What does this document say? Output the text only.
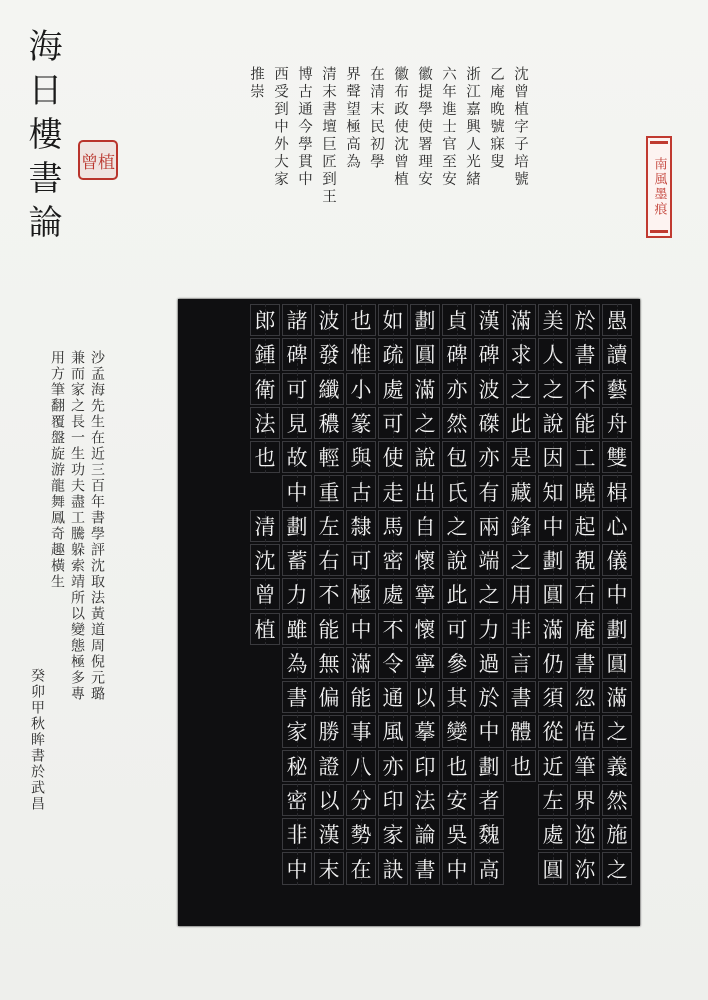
海日樓書論 曾植	沈曾植字子培號
乙庵晚號寐叟
浙江嘉興人光緒
六年進士官至安
徽提學使署理安
徽布政使沈曾植
在清末民初學
界聲望極高為
清末書壇巨匠到王
博古通今學貫中
西受到中外大家
推崇
南風墨痕
愚
讀
藝
舟
雙
楫
心
儀
中
劃
圓
滿
之
義
然
施
之
於
書
不
能
工
曉
起
覩
石
庵
書
忽
悟
筆
界
迩
沵
美
人
之
說
因
知
中
劃
圓
滿
仍
須
從
近
左
處
圓
滿
求
之
此
是
藏
鋒
之
用
非
言
書
體
也
漢
碑
波
磔
亦
有
兩
端
之
力
過
於
中
劃
者
魏
高
貞
碑
亦
然
包
氏
之
說
此
可
參
其
變
也
安
吳
中
劃
圓
滿
之
說
出
自
懷
寧
懷
寧
以
摹
印
法
論
書
如
疏
處
可
使
走
馬
密
處
不
令
通
風
亦
印
家
訣
也
惟
小
篆
與
古
隸
可
極
中
滿
能
事
八
分
勢
在
波
發
纖
穠
輕
重
左
右
不
能
無
偏
勝
證
以
漢
末
諸
碑
可
見
故
中
劃
蓄
力
雖
為
書
家
秘
密
非
中
郎
鍾
衛
法
也
清
沈
曾
植
沙孟海先生在近三百年書學評沈取法黃道周倪元璐
兼而家之長一生功夫盡工騰躲索靖所以變態極多專
用方筆翻覆盤旋游龍舞鳳奇趣橫生
癸卯甲秋眸書於武昌
